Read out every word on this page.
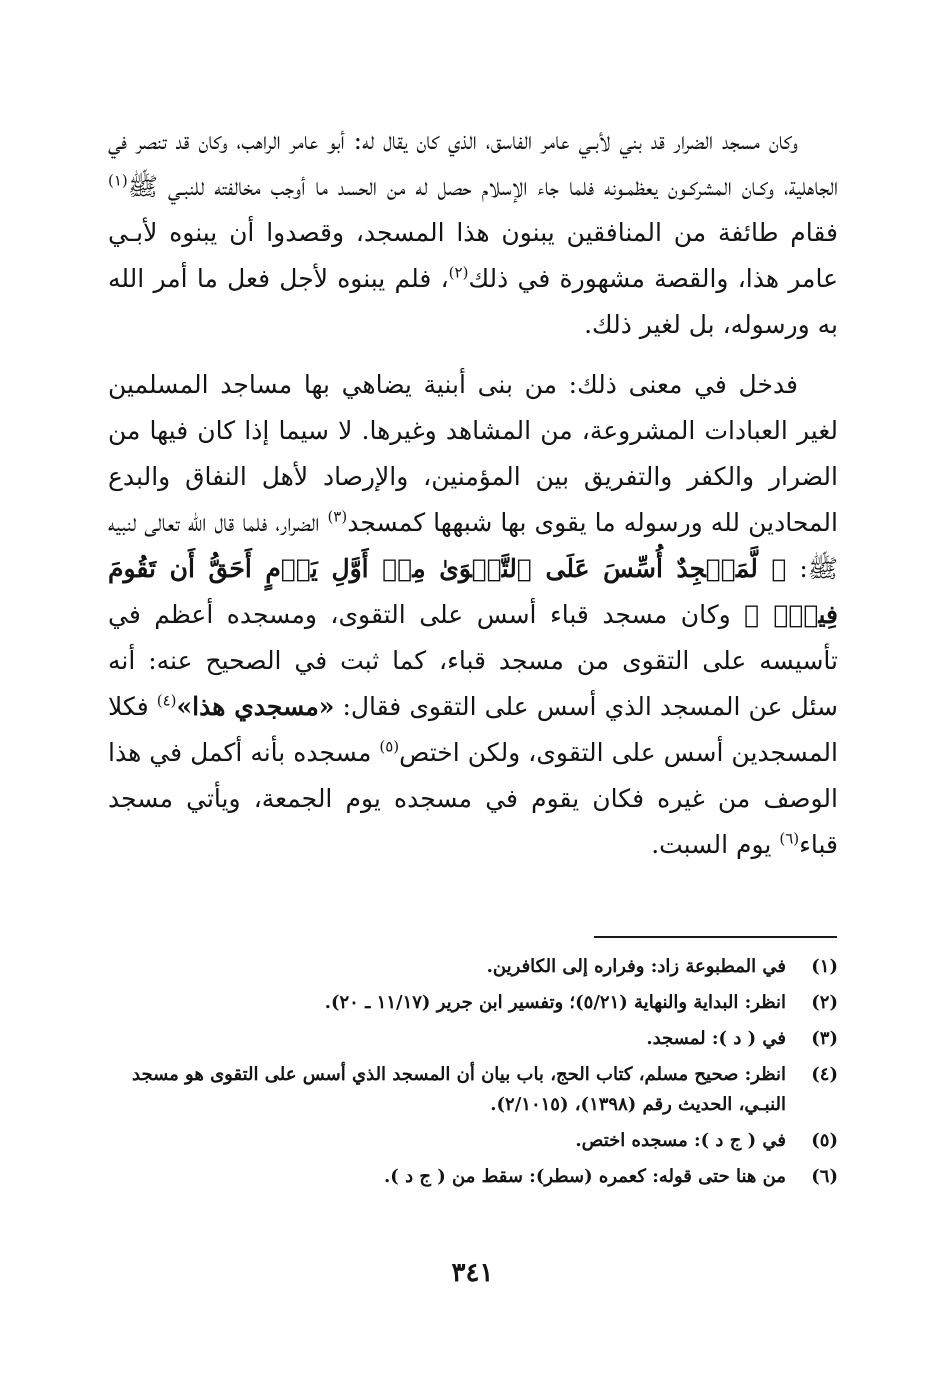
وكان مسجد الضرار قد بني لأبـي عامر الفاسق، الذي كان يقال له: أبو عامر الراهب، وكان قد تنصر في الجاهلية، وكـان المشركـون يعظمـونه فلما جاء الإسلام حصل له من الحسد ما أوجب مخالفته للنبـي ﷺ$^{(١)}$ فقام طائفة من المنافقين يبنون هذا المسجد، وقصدوا أن يبنوه لأبـي عامر هذا، والقصة مشهورة في ذلك$^{(٢)}$، فلم يبنوه لأجل فعل ما أمر الله به ورسوله، بل لغير ذلك.

فدخل في معنى ذلك: من بنى أبنية يضاهي بها مساجد المسلمين لغير العبادات المشروعة، من المشاهد وغيرها. لا سيما إذا كان فيها من الضرار والكفر والتفريق بين المؤمنين، والإرصاد لأهل النفاق والبدع المحادين لله ورسوله ما يقوى بها شبهها كمسجد$^{(٣)}$ الضرار، فلما قال الله تعالى لنبيه ﷺ: ﴿ لَّمَسۡجِدٌ أُسِّسَ عَلَى ٱلتَّقۡوَىٰ مِنۡ أَوَّلِ يَوۡمٍ أَحَقُّ أَن تَقُومَ فِيهِۚ ﴾ وكان مسجد قباء أسس على التقوى، ومسجده أعظم في تأسيسه على التقوى من مسجد قباء، كما ثبت في الصحيح عنه: أنه سئل عن المسجد الذي أسس على التقوى فقال: «مسجدي هذا»$^{(٤)}$ فكلا المسجدين أسس على التقوى، ولكن اختص$^{(٥)}$ مسجده بأنه أكمل في هذا الوصف من غيره فكان يقوم في مسجده يوم الجمعة، ويأتي مسجد قباء$^{(٦)}$ يوم السبت.

(١)
في المطبوعة زاد: وفراره إلى الكافرين.
(٢)
انظر: البداية والنهاية (٥/٢١)؛ وتفسير ابن جرير (١١/١٧ ـ ٢٠).
(٣)
في ( د ): لمسجد.
(٤)
انظر: صحيح مسلم، كتاب الحج، باب بيان أن المسجد الذي أسس على التقوى هو مسجد النبـي، الحديث رقم (١٣٩٨)، (٢/١٠١٥).
(٥)
في ( ج د ): مسجده اختص.
(٦)
من هنا حتى قوله: كعمره (سطر): سقط من ( ج د ).
٣٤١
